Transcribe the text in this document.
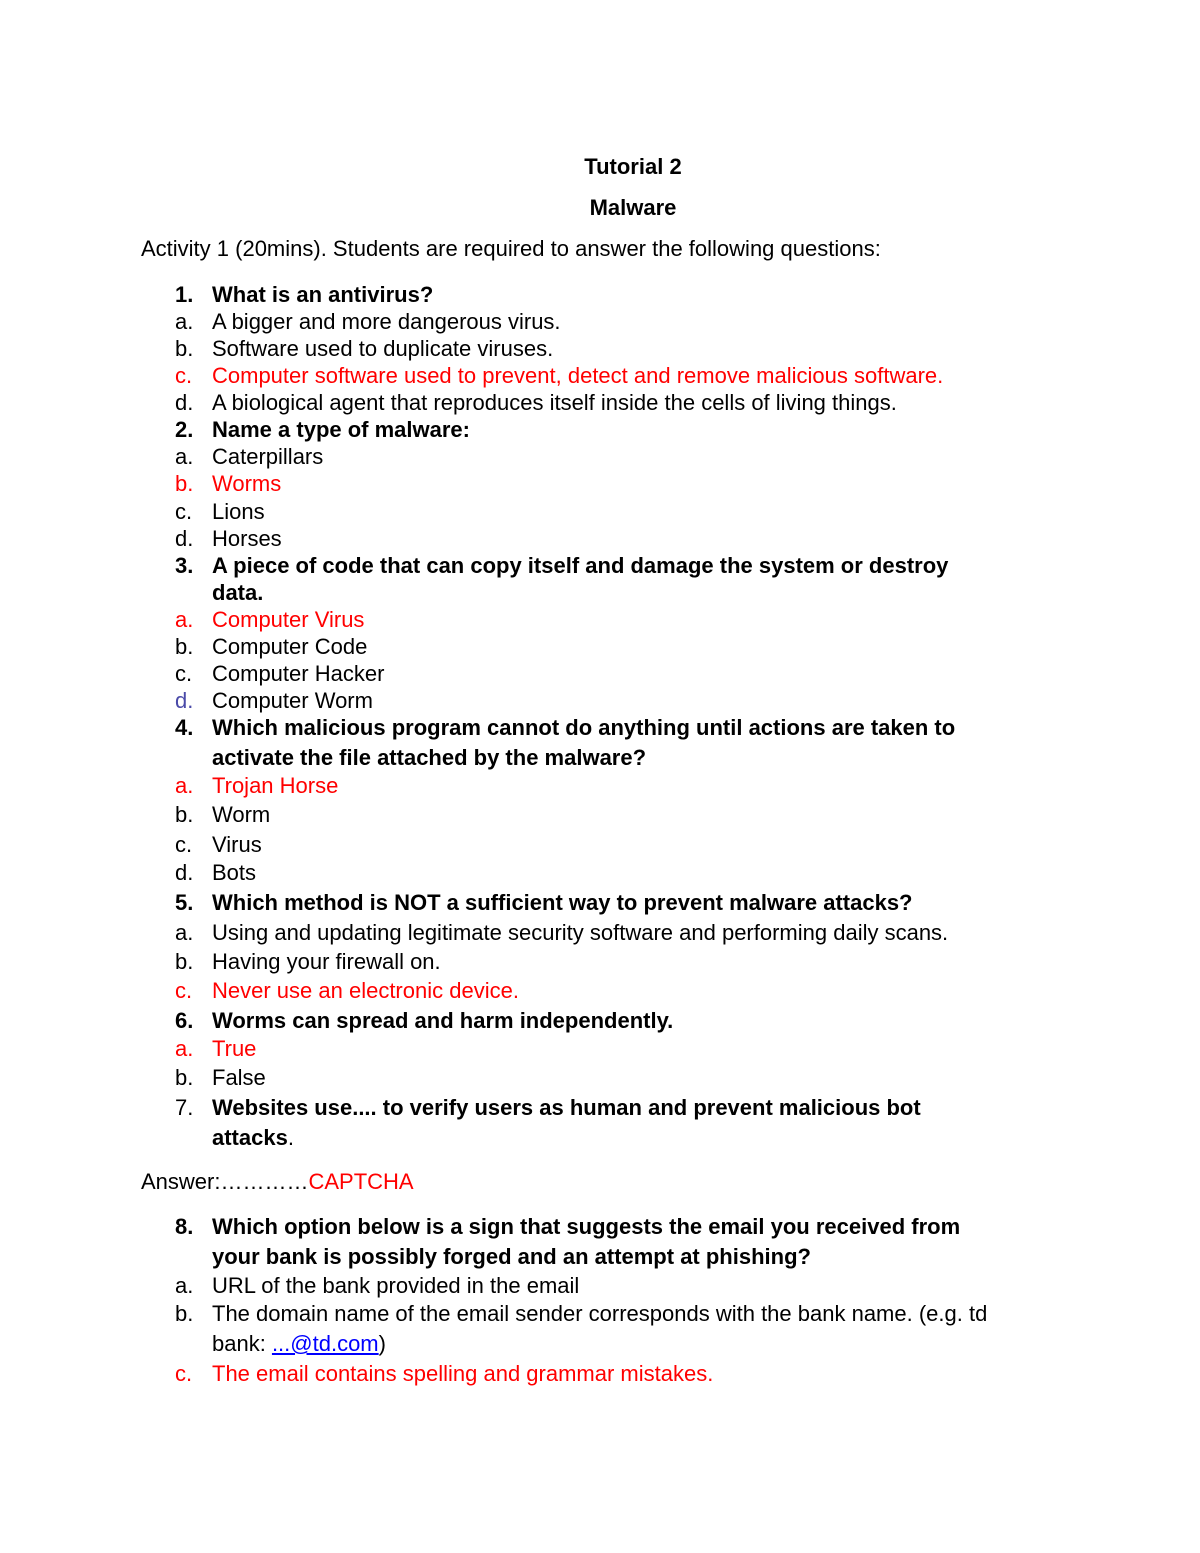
Tutorial 2
Malware
Activity 1 (20mins). Students are required to answer the following questions:
1. What is an antivirus?
a. A bigger and more dangerous virus.
b. Software used to duplicate viruses.
c. Computer software used to prevent, detect and remove malicious software.
d. A biological agent that reproduces itself inside the cells of living things.
2. Name a type of malware:
a. Caterpillars
b. Worms
c. Lions
d. Horses
3. A piece of code that can copy itself and damage the system or destroy
data.
a. Computer Virus
b. Computer Code
c. Computer Hacker
d. Computer Worm
4. Which malicious program cannot do anything until actions are taken to
activate the file attached by the malware?
a. Trojan Horse
b. Worm
c. Virus
d. Bots
5. Which method is NOT a sufficient way to prevent malware attacks?
a. Using and updating legitimate security software and performing daily scans.
b. Having your firewall on.
c. Never use an electronic device.
6. Worms can spread and harm independently.
a. True
b. False
7. Websites use.... to verify users as human and prevent malicious bot
attacks.
Answer:…………CAPTCHA
8. Which option below is a sign that suggests the email you received from
your bank is possibly forged and an attempt at phishing?
a. URL of the bank provided in the email
b. The domain name of the email sender corresponds with the bank name. (e.g. td
bank: ...@td.com)
c. The email contains spelling and grammar mistakes.
